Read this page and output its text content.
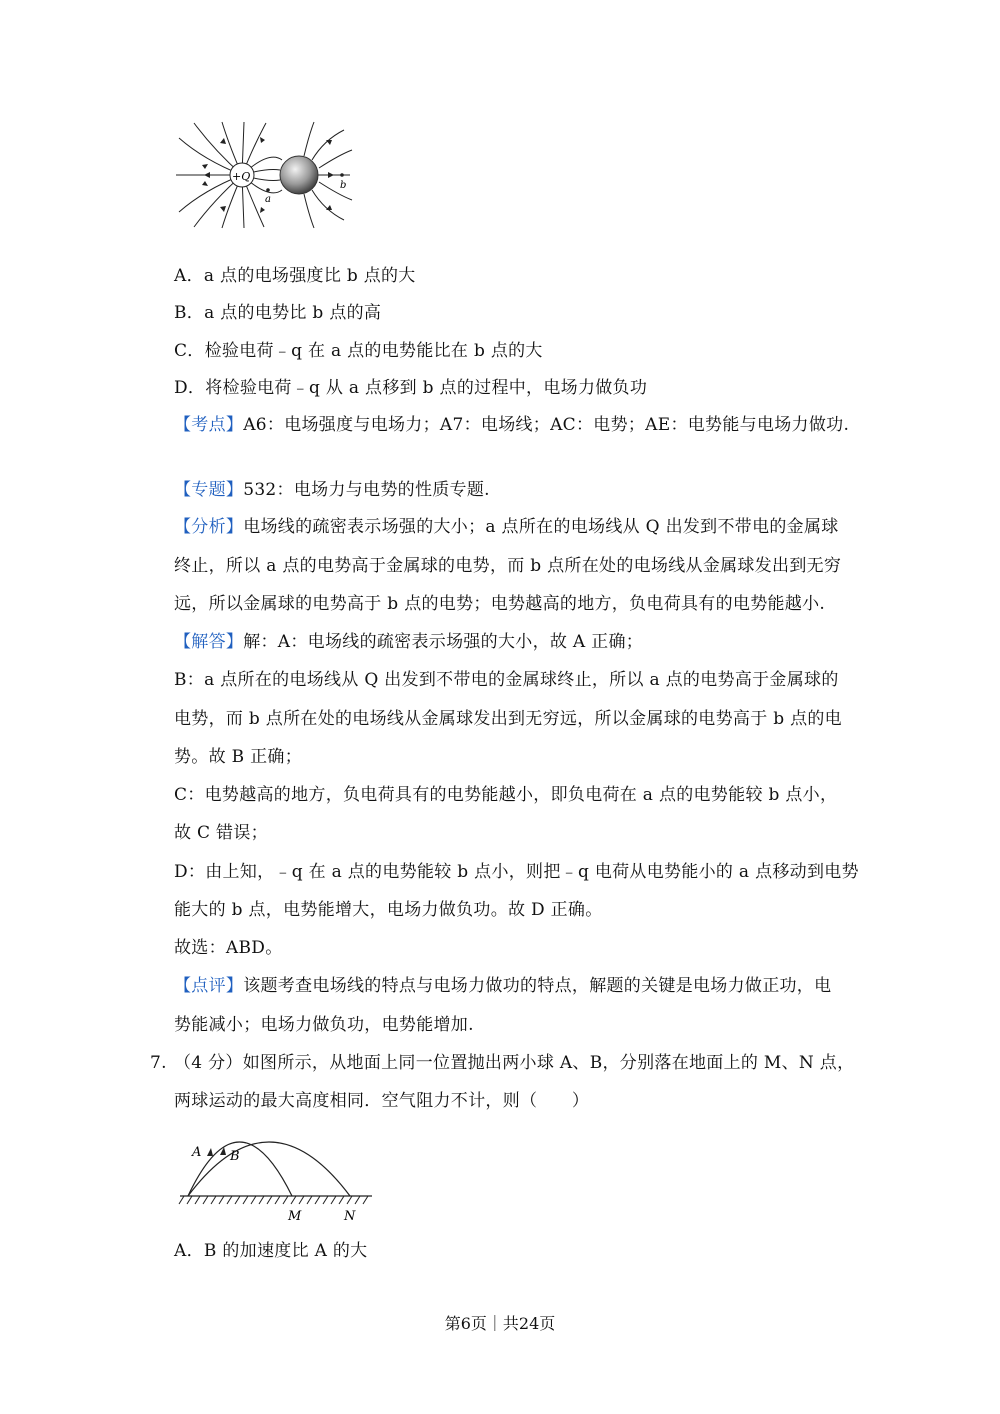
+Q
a
b
A．a 点的电场强度比 b 点的大
B．a 点的电势比 b 点的高
C．检验电荷﹣q 在 a 点的电势能比在 b 点的大
D．将检验电荷﹣q 从 a 点移到 b 点的过程中，电场力做负功
【考点】A6：电场强度与电场力；A7：电场线；AC：电势；AE：电势能与电场力做功.
【专题】532：电场力与电势的性质专题.
【分析】电场线的疏密表示场强的大小；a 点所在的电场线从 Q 出发到不带电的金属球
终止，所以 a 点的电势高于金属球的电势，而 b 点所在处的电场线从金属球发出到无穷
远，所以金属球的电势高于 b 点的电势；电势越高的地方，负电荷具有的电势能越小.
【解答】解：A：电场线的疏密表示场强的大小，故 A 正确；
B：a 点所在的电场线从 Q 出发到不带电的金属球终止，所以 a 点的电势高于金属球的
电势，而 b 点所在处的电场线从金属球发出到无穷远，所以金属球的电势高于 b 点的电
势。故 B 正确；
C：电势越高的地方，负电荷具有的电势能越小，即负电荷在 a 点的电势能较 b 点小，
故 C 错误；
D：由上知，﹣q 在 a 点的电势能较 b 点小，则把﹣q 电荷从电势能小的 a 点移动到电势
能大的 b 点，电势能增大，电场力做负功。故 D 正确。
故选：ABD。
【点评】该题考查电场线的特点与电场力做功的特点，解题的关键是电场力做正功，电
势能减小；电场力做负功，电势能增加.
7. （4 分）如图所示，从地面上同一位置抛出两小球 A、B，分别落在地面上的 M、N 点，
两球运动的最大高度相同．空气阻力不计，则（　　）
A B
M	N
A．B 的加速度比 A 的大
第6页｜共24页
